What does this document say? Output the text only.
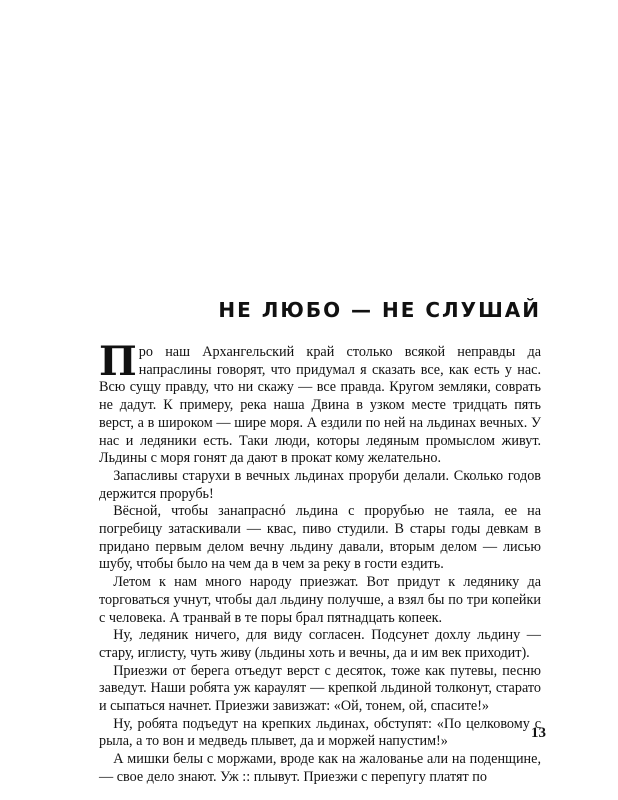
НЕ ЛЮБО — НЕ СЛУШАЙ

Про наш Архангельский край столько всякой неправды да напраслины говорят, что придумал я сказать все, как есть у нас. Всю сущу правду, что ни скажу — все правда. Кругом земляки, соврать не дадут. К примеру, река наша Двина в узком месте тридцать пять верст, а в широком — шире моря. А ездили по ней на льдинах вечных. У нас и ледяники есть. Таки люди, которы ледяным промыслом живут. Льдины с моря гонят да дают в прокат кому желательно.

Запасливы старухи в вечных льдинах проруби делали. Сколько годов держится прорубь!

Вёсной, чтобы занапраснó льдина с прорубью не таяла, ее на погребицу затаскивали — квас, пиво студили. В стары годы девкам в придано первым делом вечну льдину давали, вторым делом — лисью шубу, чтобы было на чем да в чем за реку в гости ездить.

Летом к нам много народу приезжат. Вот придут к ледянику да торговаться учнут, чтобы дал льдину получше, а взял бы по три копейки с человека. А транвай в те поры брал пятнадцать копеек.

Ну, ледяник ничего, для виду согласен. Подсунет дохлу льдину — стару, иглисту, чуть живу (льдины хоть и вечны, да и им век приходит).

Приезжи от берега отъедут верст с десяток, тоже как путевы, песню заведут. Наши робята уж караулят — крепкой льдиной толконут, старато и сыпаться начнет. Приезжи завизжат: «Ой, тонем, ой, спасите!»

Ну, робята подъедут на крепких льдинах, обступят: «По целковому с рыла, а то вон и медведь плывет, да и моржей напустим!»

А мишки белы с моржами, вроде как на жалованье али на поденщине,— свое дело знают. Уж :: плывут. Приезжи с перепугу платят по

13
